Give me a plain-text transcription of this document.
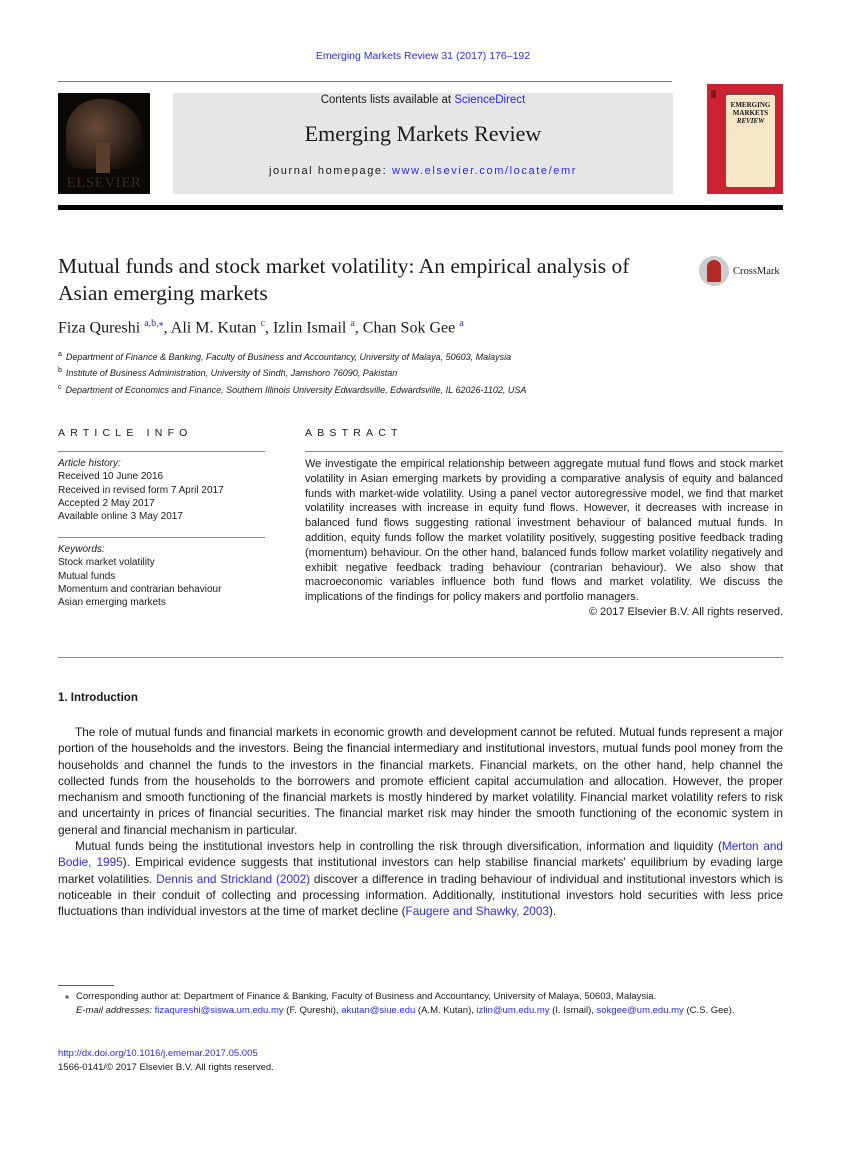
Emerging Markets Review 31 (2017) 176–192
ELSEVIER
Contents lists available at ScienceDirect
Emerging Markets Review
journal homepage: www.elsevier.com/locate/emr
EMERGING
MARKETS
REVIEW
Mutual funds and stock market volatility: An empirical analysis of Asian emerging markets
CrossMark
Fiza Qureshi $^{a,b,⁎}$, Ali M. Kutan $^c$, Izlin Ismail $^a$, Chan Sok Gee $^a$
$^a$ Department of Finance & Banking, Faculty of Business and Accountancy, University of Malaya, 50603, Malaysia
$^b$ Institute of Business Administration, University of Sindh, Jamshoro 76090, Pakistan
$^c$ Department of Economics and Finance, Southern Illinois University Edwardsville, Edwardsville, IL 62026-1102, USA
ARTICLE INFO
Article history:
Received 10 June 2016
Received in revised form 7 April 2017
Accepted 2 May 2017
Available online 3 May 2017
Keywords:
Stock market volatility
Mutual funds
Momentum and contrarian behaviour
Asian emerging markets
ABSTRACT
We investigate the empirical relationship between aggregate mutual fund flows and stock market volatility in Asian emerging markets by providing a comparative analysis of equity and balanced funds with market-wide volatility. Using a panel vector autoregressive model, we find that market volatility increases with increase in equity fund flows. However, it decreases with increase in balanced fund flows suggesting rational investment behaviour of balanced mutual funds. In addition, equity funds follow the market volatility positively, suggesting positive feedback trading (momentum) behaviour. On the other hand, balanced funds follow market volatility negatively and exhibit negative feedback trading behaviour (contrarian behaviour). We also show that macroeconomic variables influence both fund flows and market volatility. We discuss the implications of the findings for policy makers and portfolio managers.
© 2017 Elsevier B.V. All rights reserved.
1. Introduction

The role of mutual funds and financial markets in economic growth and development cannot be refuted. Mutual funds represent a major portion of the households and the investors. Being the financial intermediary and institutional investors, mutual funds pool money from the households and channel the funds to the investors in the financial markets. Financial markets, on the other hand, help channel the collected funds from the households to the borrowers and promote efficient capital accumulation and allocation. However, the proper mechanism and smooth functioning of the financial markets is mostly hindered by market volatility. Financial market volatility refers to risk and uncertainty in prices of financial securities. The financial market risk may hinder the smooth functioning of the economic system in general and financial mechanism in particular.

Mutual funds being the institutional investors help in controlling the risk through diversification, information and liquidity (Merton and Bodie, 1995). Empirical evidence suggests that institutional investors can help stabilise financial markets' equilibrium by evading large market volatilities. Dennis and Strickland (2002) discover a difference in trading behaviour of individual and institutional investors which is noticeable in their conduit of collecting and processing information. Additionally, institutional investors hold securities with less price fluctuations than individual investors at the time of market decline (Faugere and Shawky, 2003).

⁎ Corresponding author at: Department of Finance & Banking, Faculty of Business and Accountancy, University of Malaya, 50603, Malaysia.
E-mail addresses: fizaqureshi@siswa.um.edu.my (F. Qureshi), akutan@siue.edu (A.M. Kutan), izlin@um.edu.my (I. Ismail), sokgee@um.edu.my (C.S. Gee).
http://dx.doi.org/10.1016/j.ememar.2017.05.005
1566-0141/© 2017 Elsevier B.V. All rights reserved.
